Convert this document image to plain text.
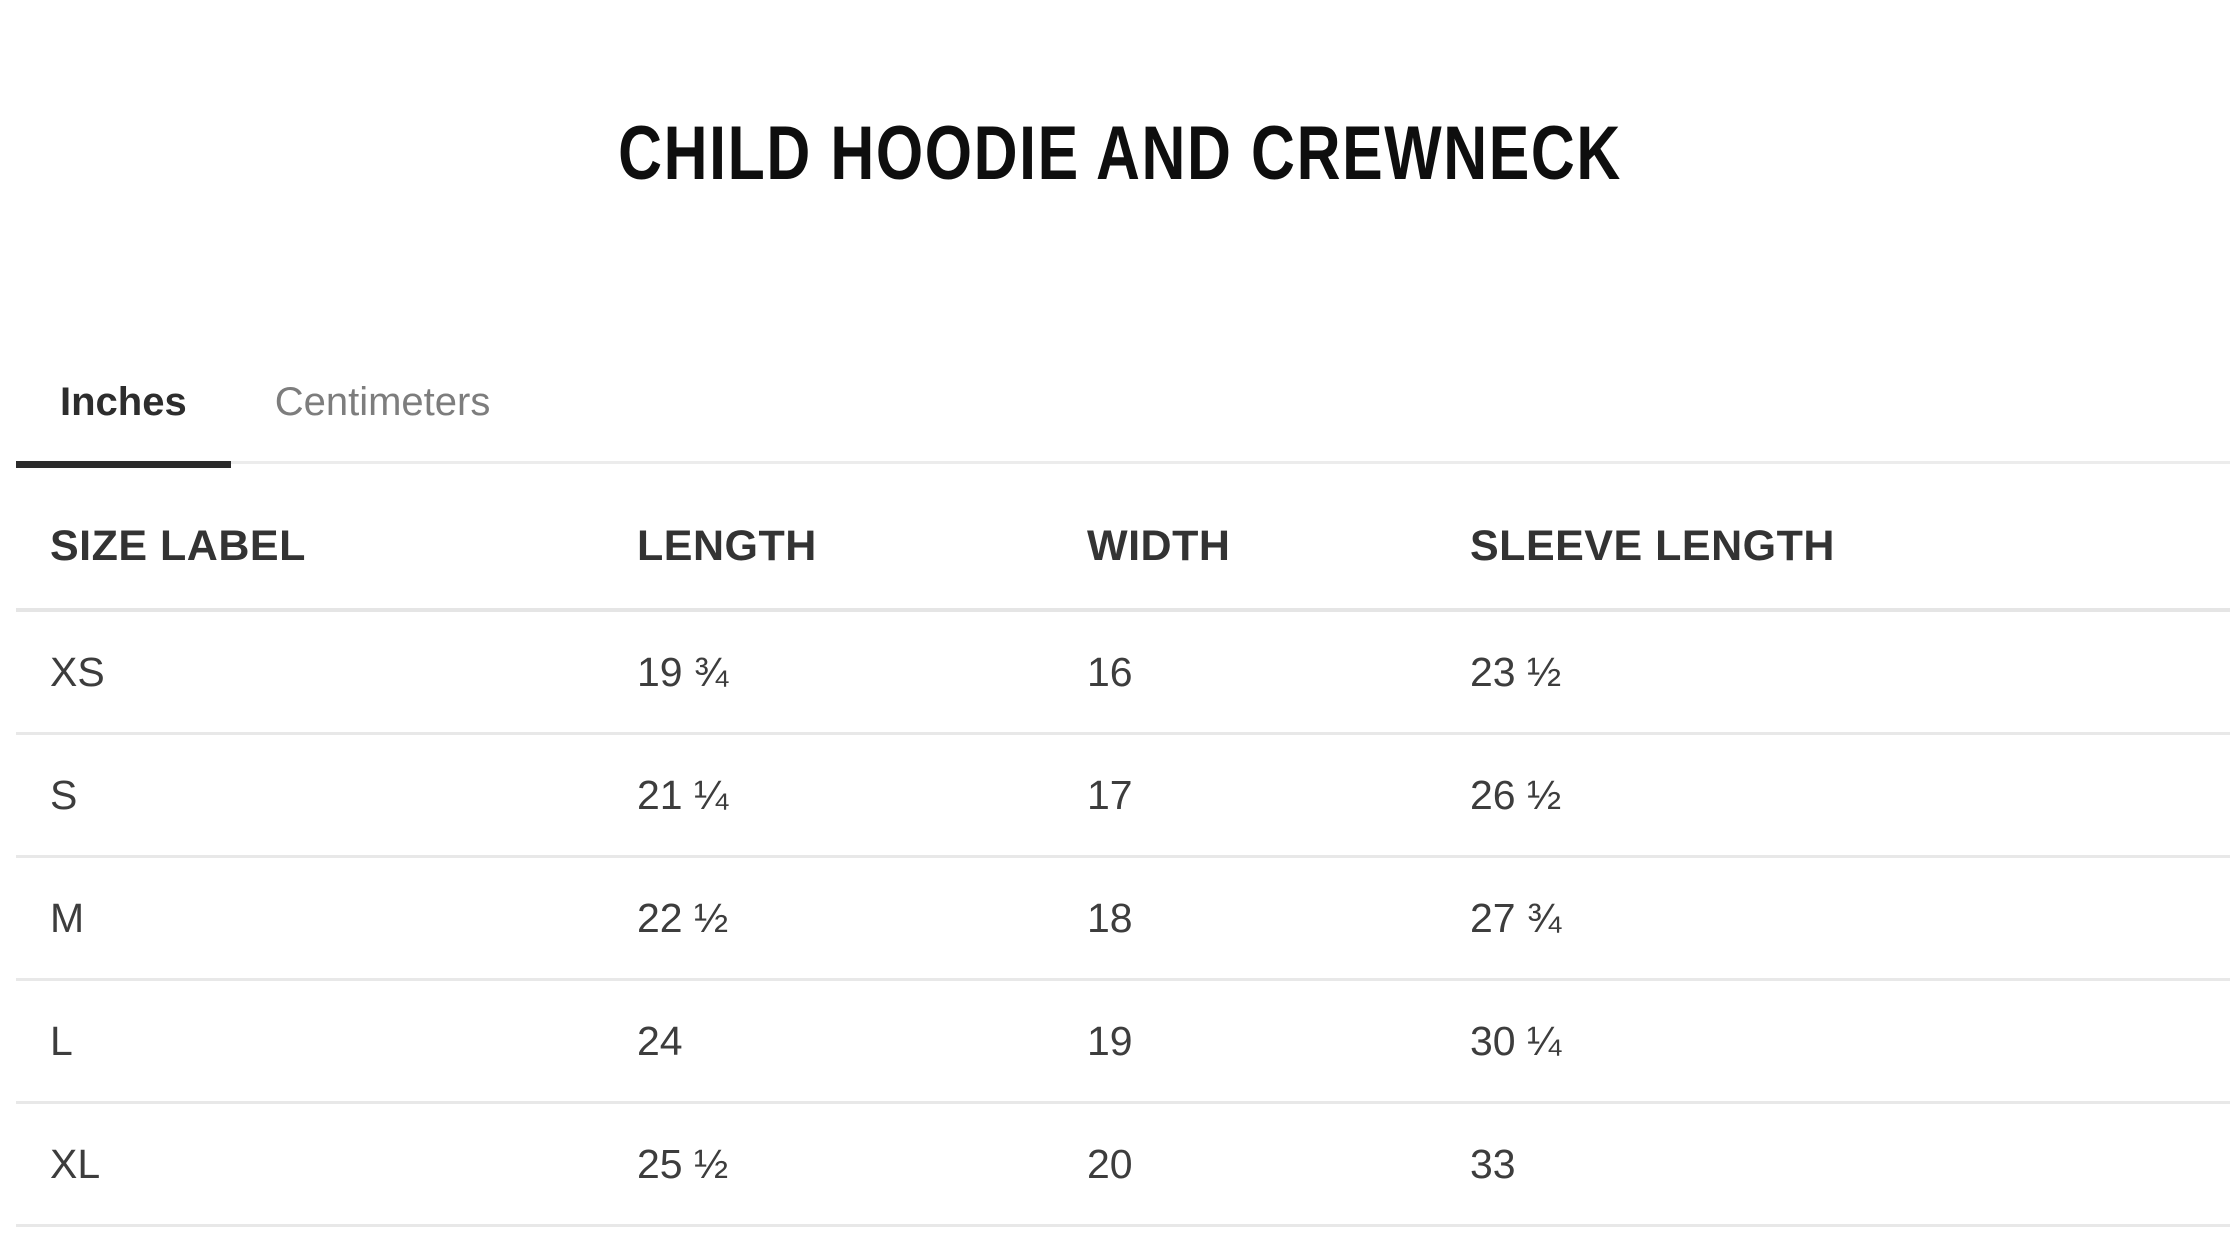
CHILD HOODIE AND CREWNECK
Inches Centimeters
SIZE LABEL	LENGTH	WIDTH	SLEEVE LENGTH
XS	19 ¾	16	23 ½
S	21 ¼	17	26 ½
M	22 ½	18	27 ¾
L	24	19	30 ¼
XL	25 ½	20	33
